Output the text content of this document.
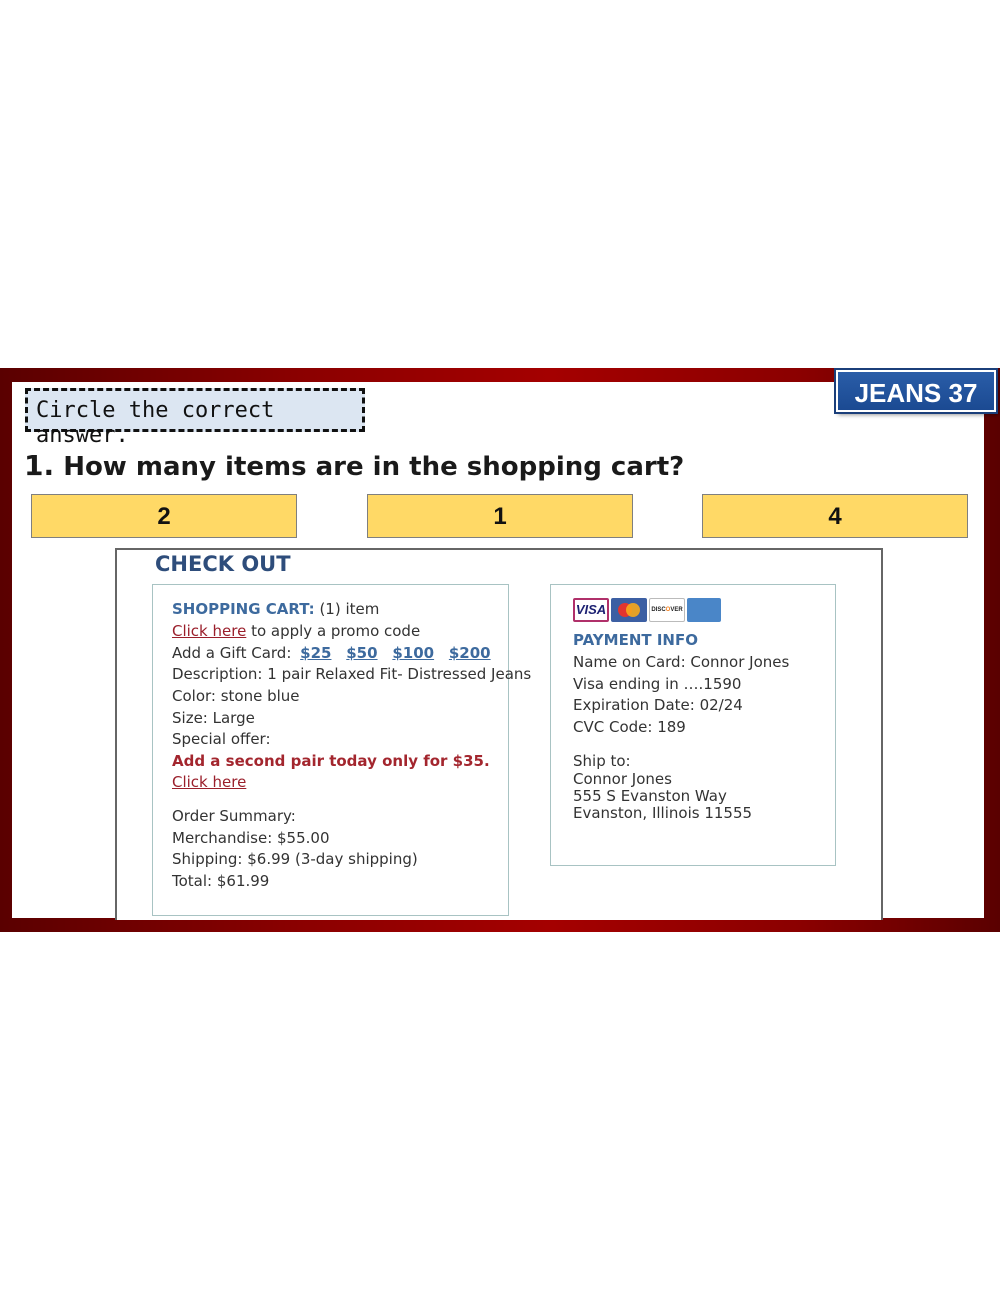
JEANS 37
Circle the correct answer.
1. How many items are in the shopping cart?
2	1	4
CHECK OUT
SHOPPING CART: (1) item
Click here to apply a promo code
Add a Gift Card: $25 $50 $100 $200
Description: 1 pair Relaxed Fit- Distressed Jeans
Color: stone blue
Size: Large
Special offer:
Add a second pair today only for $35.
Click here
Order Summary:
Merchandise: $55.00
Shipping: $6.99 (3-day shipping)
Total: $61.99
VISA	DISCOVER
PAYMENT INFO
Name on Card: Connor Jones
Visa ending in ….1590
Expiration Date: 02/24
CVC Code: 189
Ship to:
Connor Jones
555 S Evanston Way
Evanston, Illinois 11555
